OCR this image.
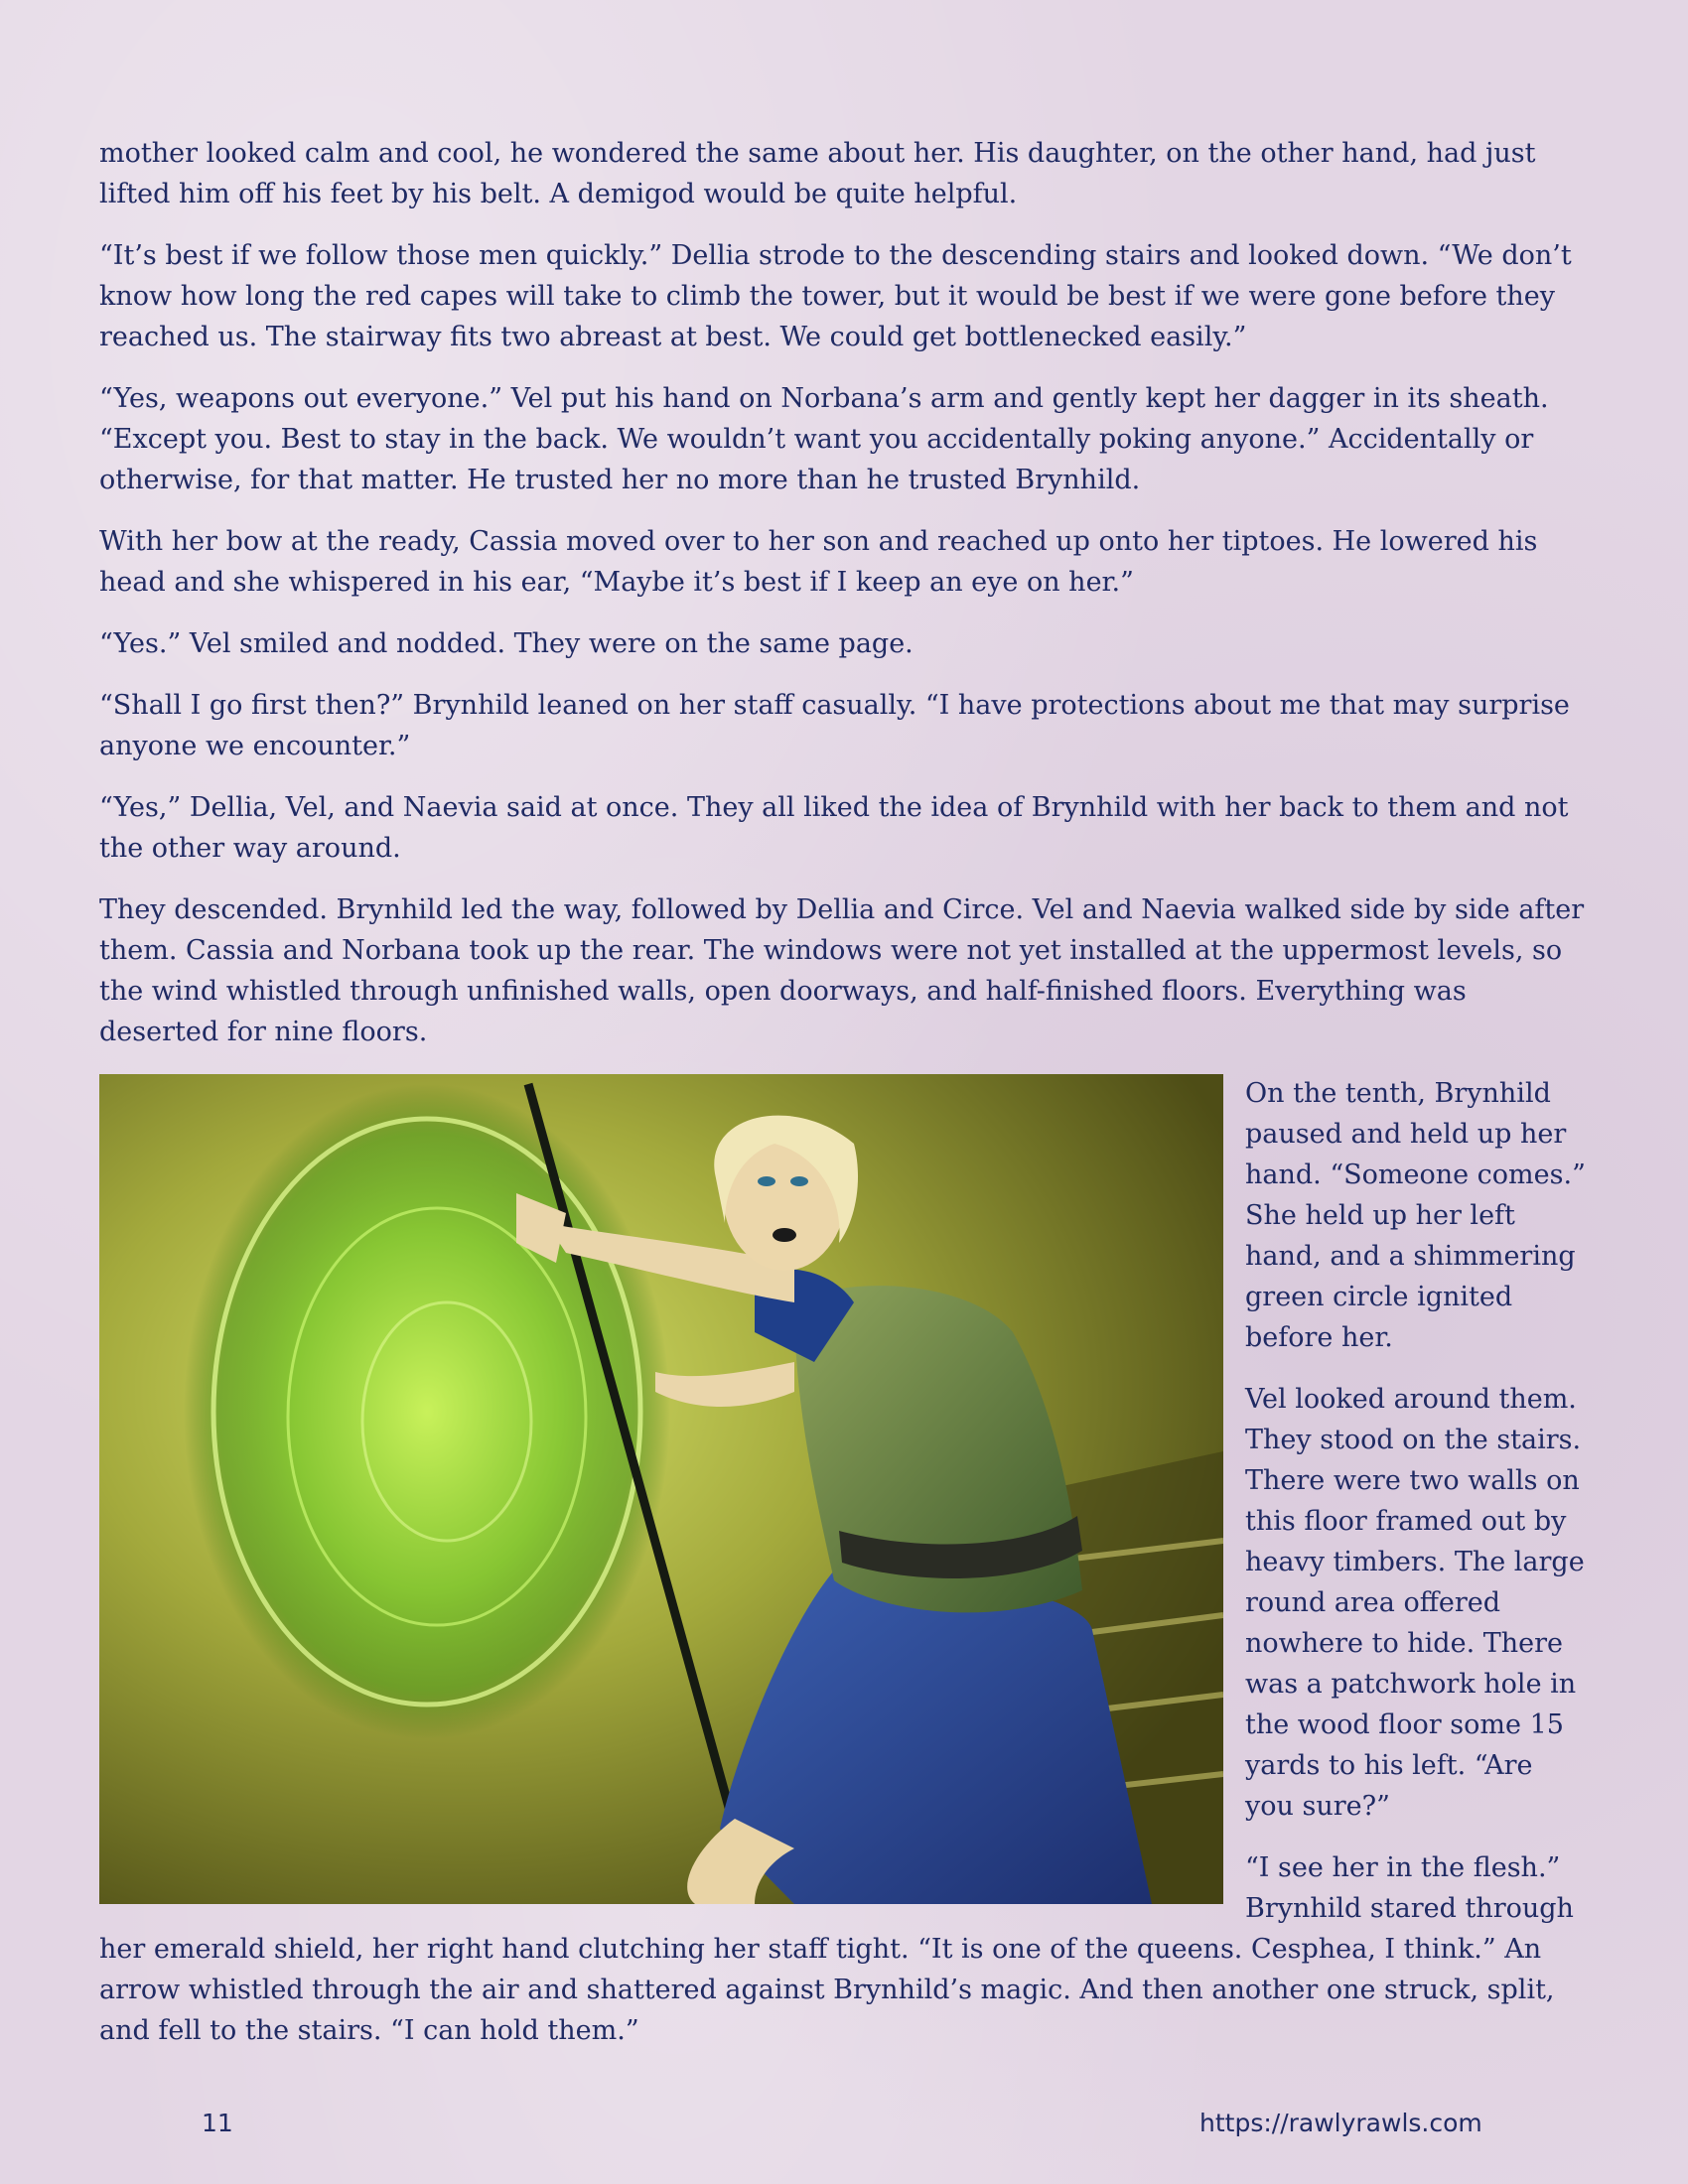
mother looked calm and cool, he wondered the same about her. His daughter, on the other hand, had just lifted him off his feet by his belt. A demigod would be quite helpful.

“It’s best if we follow those men quickly.” Dellia strode to the descending stairs and looked down. “We don’t know how long the red capes will take to climb the tower, but it would be best if we were gone before they reached us. The stairway fits two abreast at best. We could get bottlenecked easily.”

“Yes, weapons out everyone.” Vel put his hand on Norbana’s arm and gently kept her dagger in its sheath. “Except you. Best to stay in the back. We wouldn’t want you accidentally poking anyone.” Accidentally or otherwise, for that matter. He trusted her no more than he trusted Brynhild.

With her bow at the ready, Cassia moved over to her son and reached up onto her tiptoes. He lowered his head and she whispered in his ear, “Maybe it’s best if I keep an eye on her.”

“Yes.” Vel smiled and nodded. They were on the same page.

“Shall I go first then?” Brynhild leaned on her staff casually. “I have protections about me that may surprise anyone we encounter.”

“Yes,” Dellia, Vel, and Naevia said at once. They all liked the idea of Brynhild with her back to them and not the other way around.

They descended. Brynhild led the way, followed by Dellia and Circe. Vel and Naevia walked side by side after them. Cassia and Norbana took up the rear. The windows were not yet installed at the uppermost levels, so the wind whistled through unfinished walls, open doorways, and half-finished floors. Everything was deserted for nine floors.

On the tenth, Brynhild paused and held up her hand. “Someone comes.” She held up her left hand, and a shimmering green circle ignited before her.

Vel looked around them. They stood on the stairs. There were two walls on this floor framed out by heavy timbers. The large round area offered nowhere to hide. There was a patchwork hole in the wood floor some 15 yards to his left. “Are you sure?”

“I see her in the flesh.” Brynhild stared through her emerald shield, her right hand clutching her staff tight. “It is one of the queens. Cesphea, I think.” An arrow whistled through the air and shattered against Brynhild’s magic. And then another one struck, split, and fell to the stairs. “I can hold them.”

11	https://rawlyrawls.com
